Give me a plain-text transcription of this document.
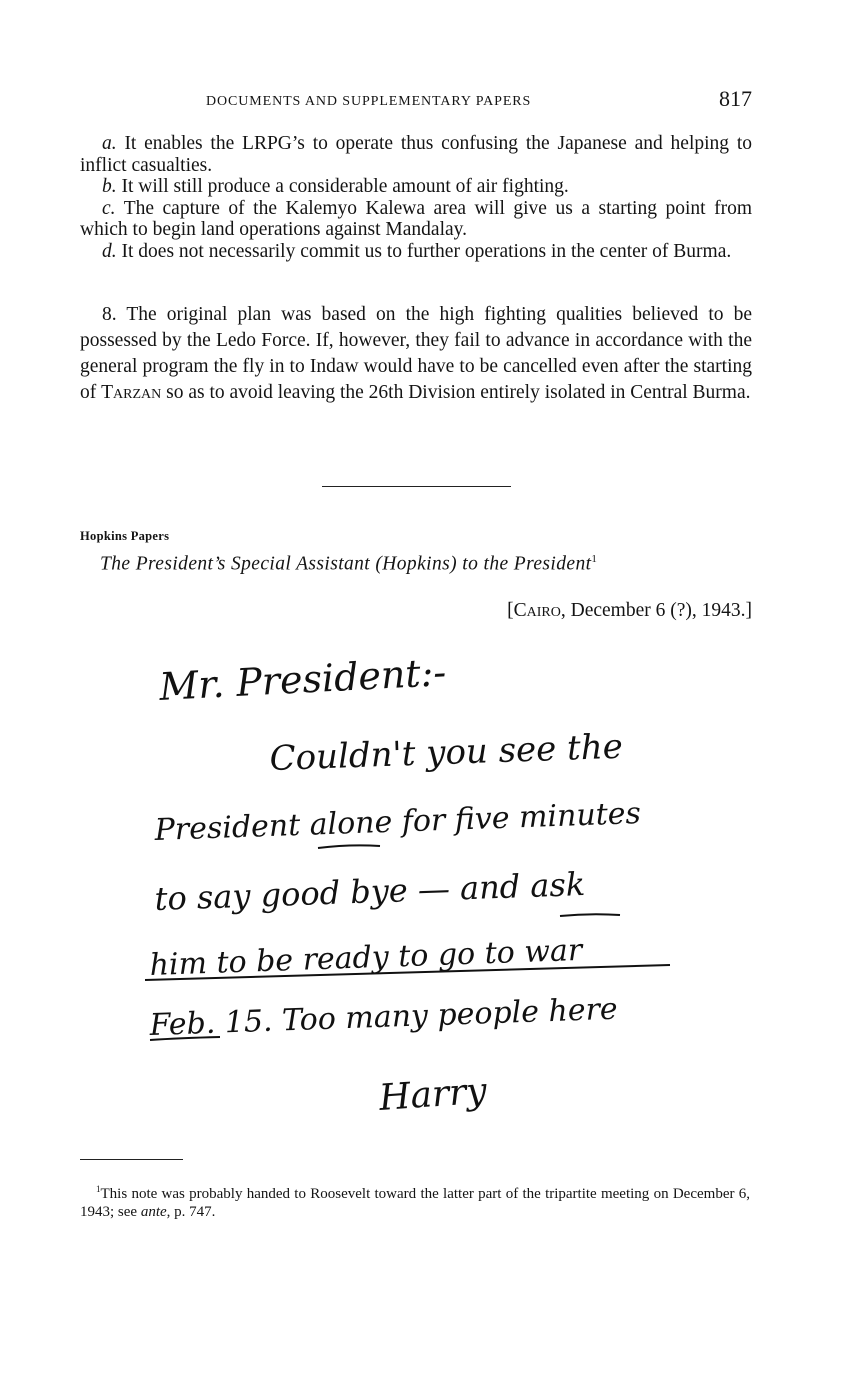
DOCUMENTS AND SUPPLEMENTARY PAPERS	817

a. It enables the LRPG’s to operate thus confusing the Japanese and helping to inflict casualties.

b. It will still produce a considerable amount of air fighting.

c. The capture of the Kalemyo Kalewa area will give us a starting point from which to begin land operations against Mandalay.

d. It does not necessarily commit us to further operations in the center of Burma.

8. The original plan was based on the high fighting qualities believed to be possessed by the Ledo Force. If, however, they fail to advance in accordance with the general program the fly in to Indaw would have to be cancelled even after the starting of Tarzan so as to avoid leaving the 26th Division entirely isolated in Central Burma.

Hopkins Papers
The President’s Special Assistant (Hopkins) to the President$^1$
[Cairo, December 6 (?), 1943.]
Mr. President:-
Couldn't you see the
President alone for five minutes
to say good bye — and ask
him to be ready to go to war
Feb. 15. Too many people here
Harry

$^1$This note was probably handed to Roosevelt toward the latter part of the tripartite meeting on December 6, 1943; see ante, p. 747.
